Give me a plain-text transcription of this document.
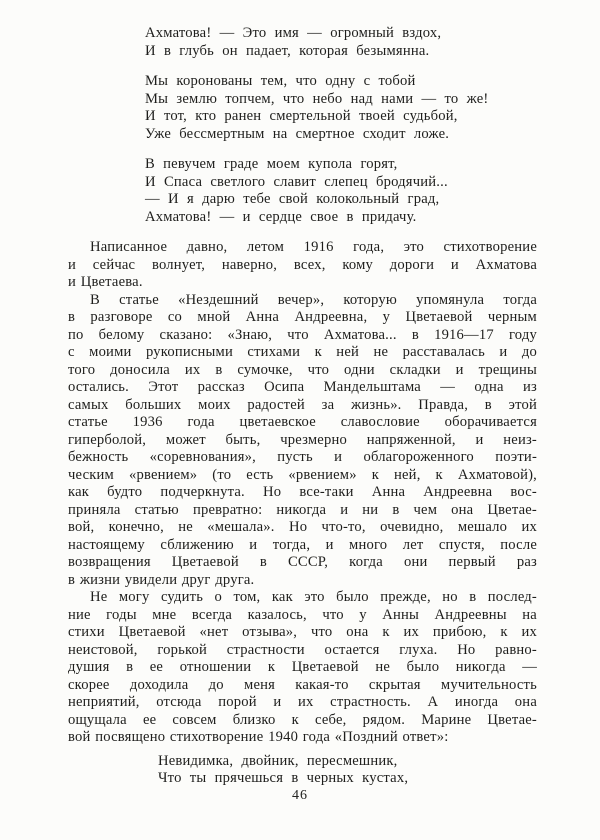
Ахматова! — Это имя — огромный вздох,
И в глубь он падает, которая безымянна.
Мы коронованы тем, что одну с тобой
Мы землю топчем, что небо над нами — то же!
И тот, кто ранен смертельной твоей судьбой,
Уже бессмертным на смертное сходит ложе.
В певучем граде моем купола горят,
И Спаса светлого славит слепец бродячий...
— И я дарю тебе свой колокольный град,
Ахматова! — и сердце свое в придачу.
Написанное давно, летом 1916 года, это стихотворение
и сейчас волнует, наверно, всех, кому дороги и Ахматова
и Цветаева.
В статье «Нездешний вечер», которую упомянула тогда
в разговоре со мной Анна Андреевна, у Цветаевой черным
по белому сказано: «Знаю, что Ахматова... в 1916—17 году
с моими рукописными стихами к ней не расставалась и до
того доносила их в сумочке, что одни складки и трещины
остались. Этот рассказ Осипа Мандельштама — одна из
самых больших моих радостей за жизнь». Правда, в этой
статье 1936 года цветаевское славословие оборачивается
гиперболой, может быть, чрезмерно напряженной, и неиз-
бежность «соревнования», пусть и облагороженного поэти-
ческим «рвением» (то есть «рвением» к ней, к Ахматовой),
как будто подчеркнута. Но все-таки Анна Андреевна вос-
приняла статью превратно: никогда и ни в чем она Цветае-
вой, конечно, не «мешала». Но что-то, очевидно, мешало их
настоящему сближению и тогда, и много лет спустя, после
возвращения Цветаевой в СССР, когда они первый раз
в жизни увидели друг друга.
Не могу судить о том, как это было прежде, но в послед-
ние годы мне всегда казалось, что у Анны Андреевны на
стихи Цветаевой «нет отзыва», что она к их прибою, к их
неистовой, горькой страстности остается глуха. Но равно-
душия в ее отношении к Цветаевой не было никогда —
скорее доходила до меня какая-то скрытая мучительность
неприятий, отсюда порой и их страстность. А иногда она
ощущала ее совсем близко к себе, рядом. Марине Цветае-
вой посвящено стихотворение 1940 года «Поздний ответ»:
Невидимка, двойник, пересмешник,
Что ты прячешься в черных кустах,
46
